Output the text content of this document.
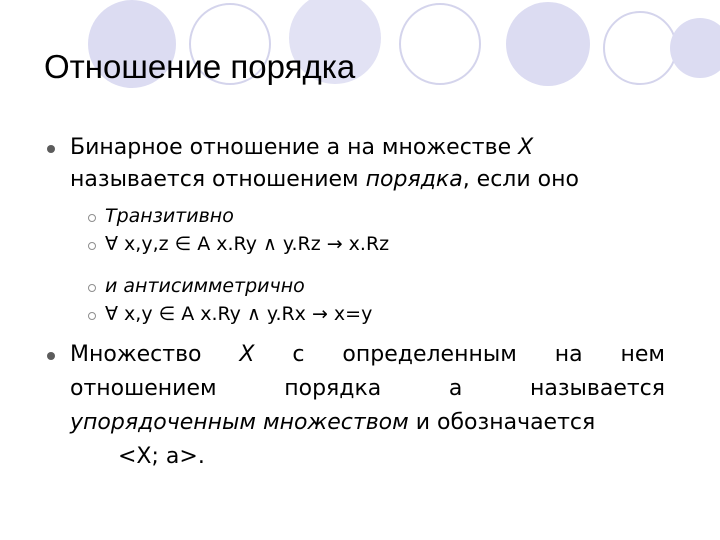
Отношение порядка
Бинарное отношение a на множестве X
называется отношением порядка, если оно
Транзитивно
∀ x,y,z ∈ A x.Ry ∧ y.Rz → x.Rz
и антисимметрично
∀ x,y ∈ A x.Ry ∧ y.Rx → x=y
Множество X с определенным на нем
отношением	порядка	a	называется
упорядоченным множеством и обозначается
<X; a>.
